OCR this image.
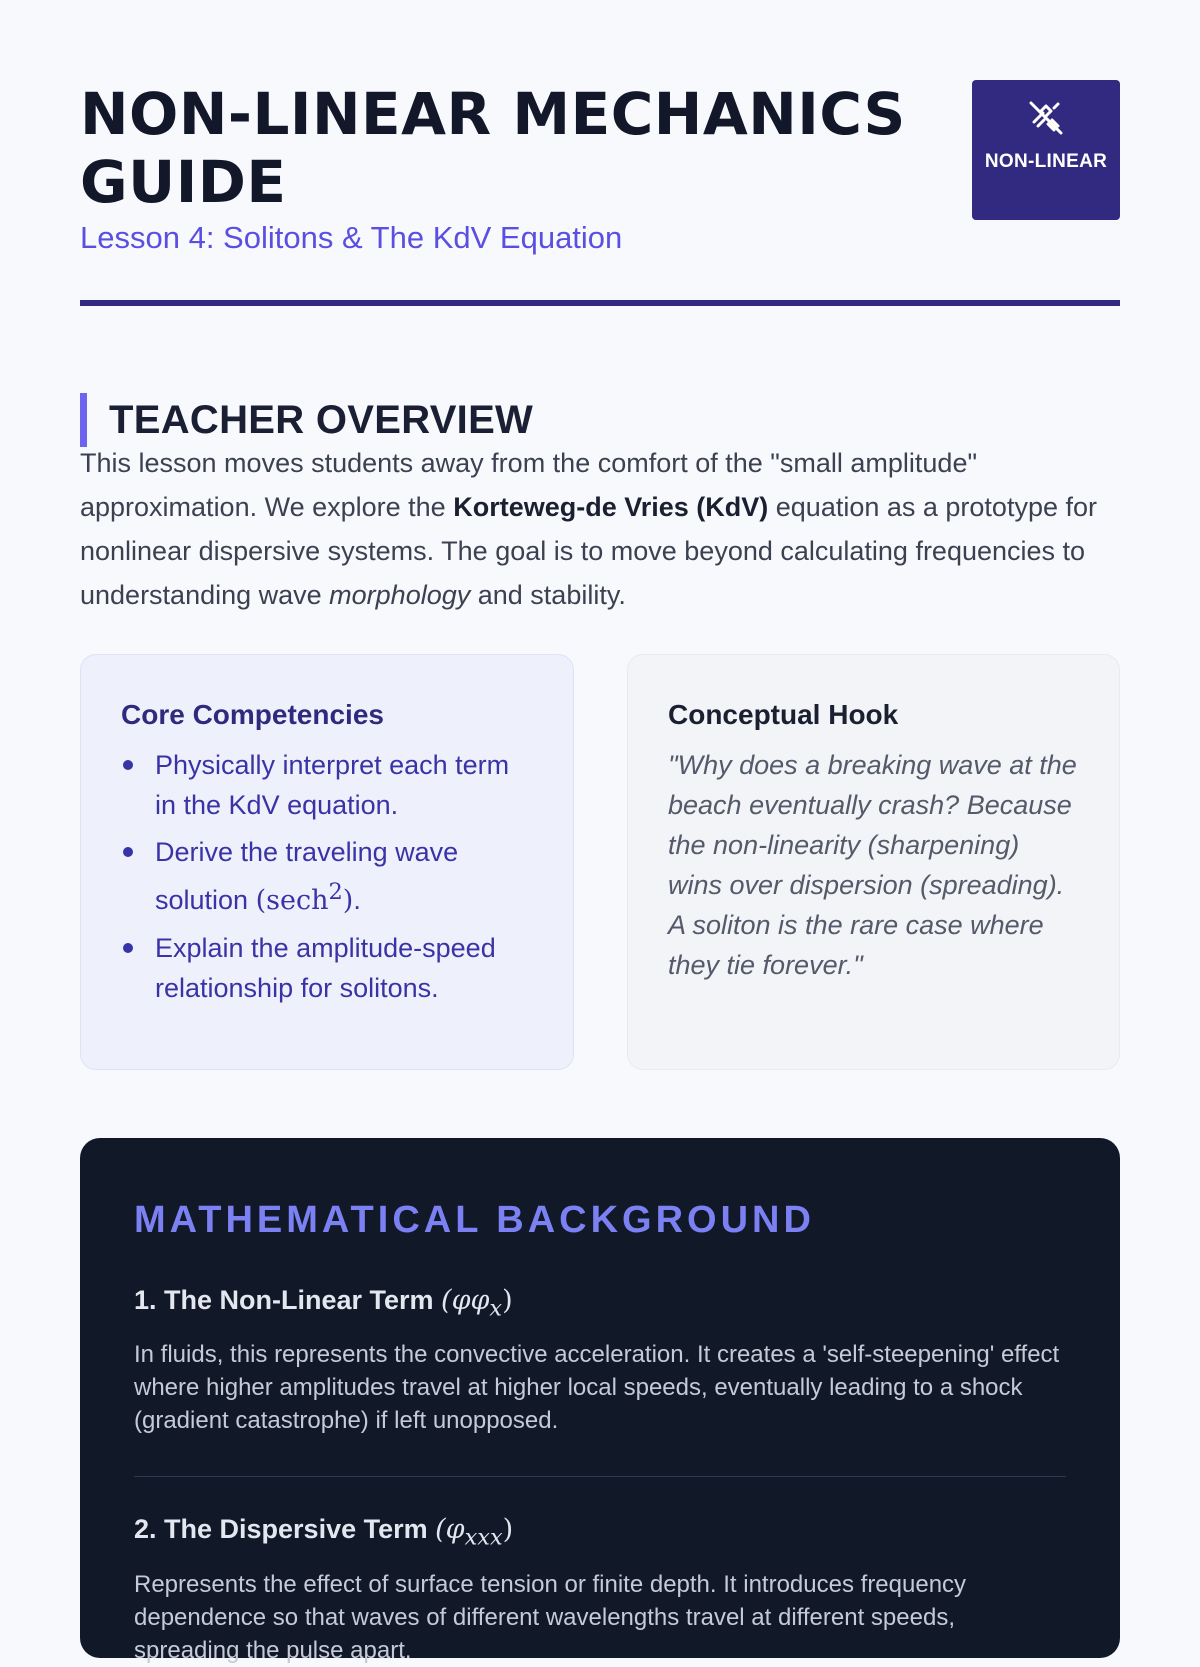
NON-LINEAR MECHANICS GUIDE

Lesson 4: Solitons & The KdV Equation

NON-LINEAR
TEACHER OVERVIEW

This lesson moves students away from the comfort of the "small amplitude" approximation. We explore the Korteweg-de Vries (KdV) equation as a prototype for nonlinear dispersive systems. The goal is to move beyond calculating frequencies to understanding wave morphology and stability.

Core Competencies
Physically interpret each term in the KdV equation.
Derive the traveling wave solution (sech$^2$).
Explain the amplitude-speed relationship for solitons.
Conceptual Hook

"Why does a breaking wave at the beach eventually crash? Because the non-linearity (sharpening) wins over dispersion (spreading). A soliton is the rare case where they tie forever."

MATHEMATICAL BACKGROUND
1. The Non-Linear Term $(\varphi\varphi_x)$

In fluids, this represents the convective acceleration. It creates a 'self-steepening' effect where higher amplitudes travel at higher local speeds, eventually leading to a shock (gradient catastrophe) if left unopposed.

2. The Dispersive Term $(\varphi_{xxx})$

Represents the effect of surface tension or finite depth. It introduces frequency dependence so that waves of different wavelengths travel at different speeds, spreading the pulse apart.
